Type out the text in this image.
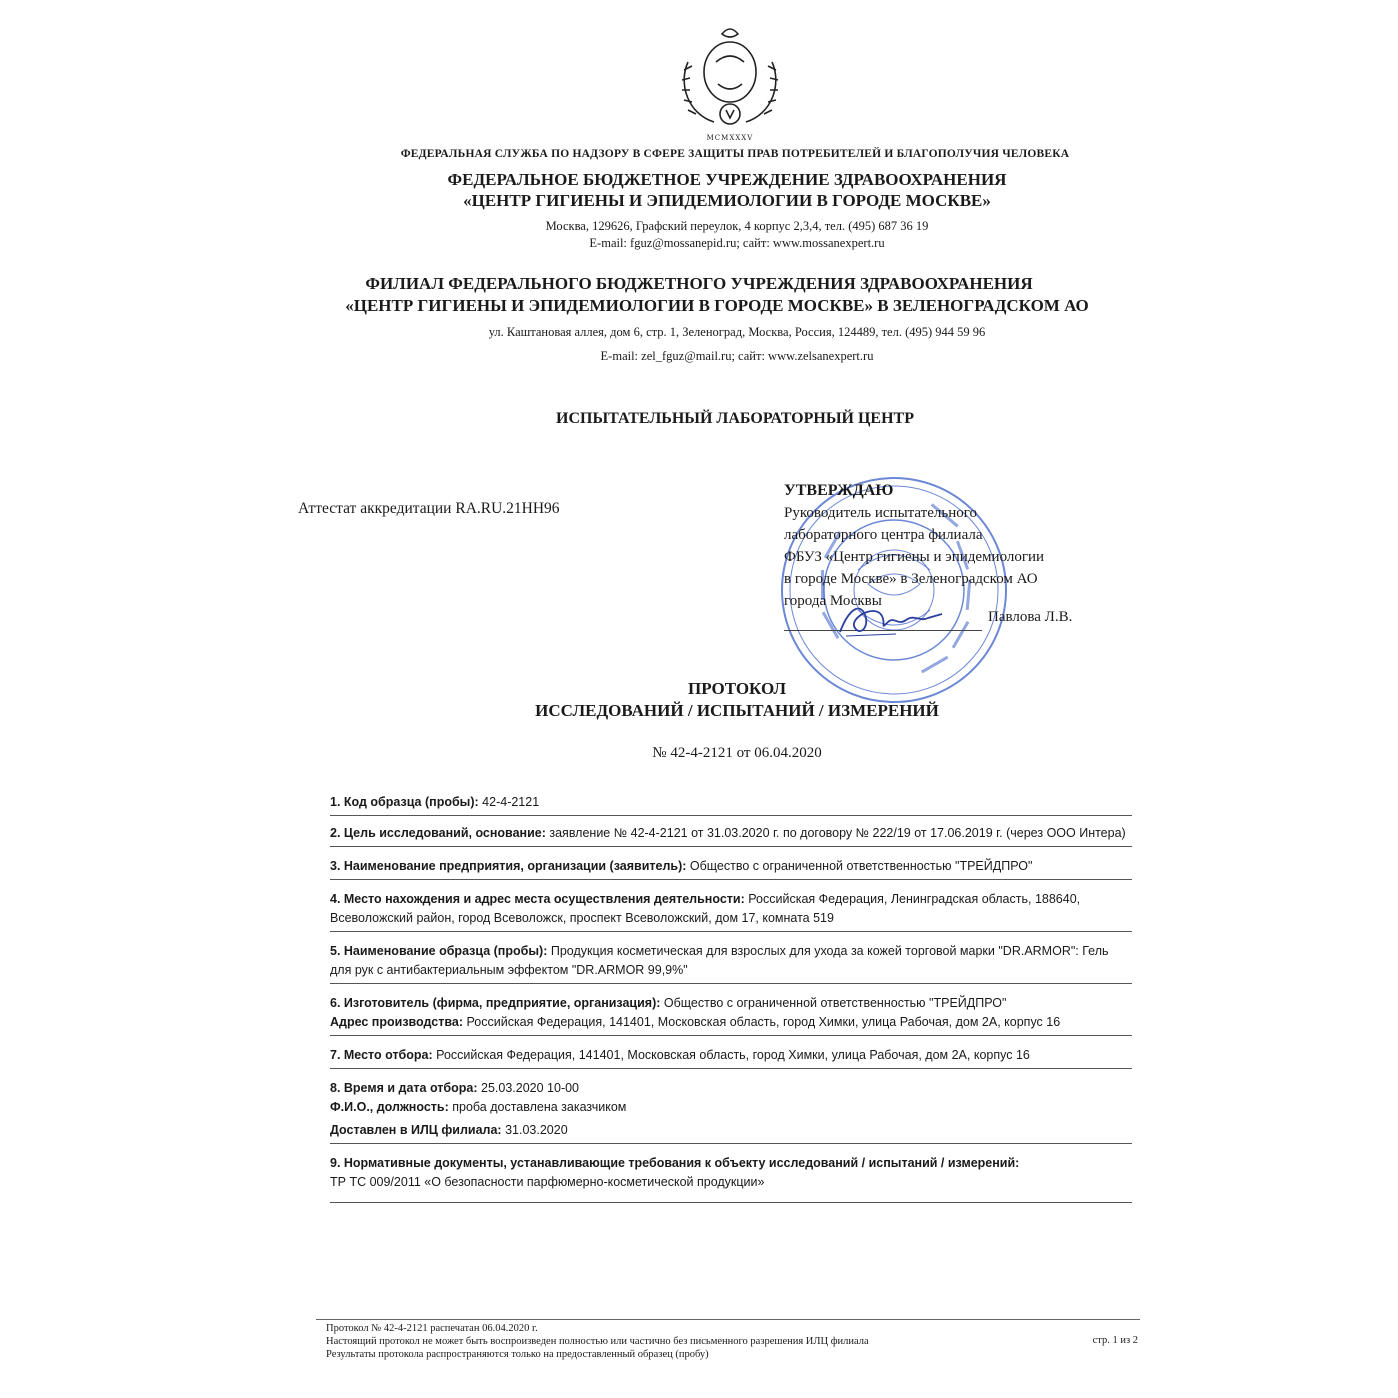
MCMXXXV
ФЕДЕРАЛЬНАЯ СЛУЖБА ПО НАДЗОРУ В СФЕРЕ ЗАЩИТЫ ПРАВ ПОТРЕБИТЕЛЕЙ И БЛАГОПОЛУЧИЯ ЧЕЛОВЕКА
ФЕДЕРАЛЬНОЕ БЮДЖЕТНОЕ УЧРЕЖДЕНИЕ ЗДРАВООХРАНЕНИЯ
«ЦЕНТР ГИГИЕНЫ И ЭПИДЕМИОЛОГИИ В ГОРОДЕ МОСКВЕ»
Москва, 129626, Графский переулок, 4 корпус 2,3,4, тел. (495) 687 36 19
E-mail: fguz@mossanepid.ru; сайт: www.mossanexpert.ru
ФИЛИАЛ ФЕДЕРАЛЬНОГО БЮДЖЕТНОГО УЧРЕЖДЕНИЯ ЗДРАВООХРАНЕНИЯ
«ЦЕНТР ГИГИЕНЫ И ЭПИДЕМИОЛОГИИ В ГОРОДЕ МОСКВЕ» В ЗЕЛЕНОГРАДСКОМ АО
ул. Каштановая аллея, дом 6, стр. 1, Зеленоград, Москва, Россия, 124489, тел. (495) 944 59 96
E-mail: zel_fguz@mail.ru; сайт: www.zelsanexpert.ru
ИСПЫТАТЕЛЬНЫЙ ЛАБОРАТОРНЫЙ ЦЕНТР
Аттестат аккредитации RA.RU.21НН96
УТВЕРЖДАЮ
Руководитель испытательного
лабораторного центра филиала
ФБУЗ «Центр гигиены и эпидемиологии
в городе Москве» в Зеленоградском АО
города Москвы
Павлова Л.В.
ПРОТОКОЛ
ИССЛЕДОВАНИЙ / ИСПЫТАНИЙ / ИЗМЕРЕНИЙ
№ 42-4-2121 от 06.04.2020
1. Код образца (пробы): 42-4-2121
2. Цель исследований, основание: заявление № 42-4-2121 от 31.03.2020 г. по договору № 222/19 от 17.06.2019 г. (через ООО Интера)
3. Наименование предприятия, организации (заявитель): Общество с ограниченной ответственностью "ТРЕЙДПРО"
4. Место нахождения и адрес места осуществления деятельности: Российская Федерация, Ленинградская область, 188640, Всеволожский район, город Всеволожск, проспект Всеволожский, дом 17, комната 519
5. Наименование образца (пробы): Продукция косметическая для взрослых для ухода за кожей торговой марки "DR.ARMOR": Гель для рук с антибактериальным эффектом "DR.ARMOR 99,9%"
6. Изготовитель (фирма, предприятие, организация): Общество с ограниченной ответственностью "ТРЕЙДПРО"
Адрес производства: Российская Федерация, 141401, Московская область, город Химки, улица Рабочая, дом 2А, корпус 16
7. Место отбора: Российская Федерация, 141401, Московская область, город Химки, улица Рабочая, дом 2А, корпус 16
8. Время и дата отбора: 25.03.2020 10-00
Ф.И.О., должность: проба доставлена заказчиком
Доставлен в ИЛЦ филиала: 31.03.2020
9. Нормативные документы, устанавливающие требования к объекту исследований / испытаний / измерений:
ТР ТС 009/2011 «О безопасности парфюмерно-косметической продукции»
Протокол № 42-4-2121 распечатан 06.04.2020 г.
Настоящий протокол не может быть воспроизведен полностью или частично без письменного разрешения ИЛЦ филиала
Результаты протокола распространяются только на предоставленный образец (пробу)
стр. 1 из 2
